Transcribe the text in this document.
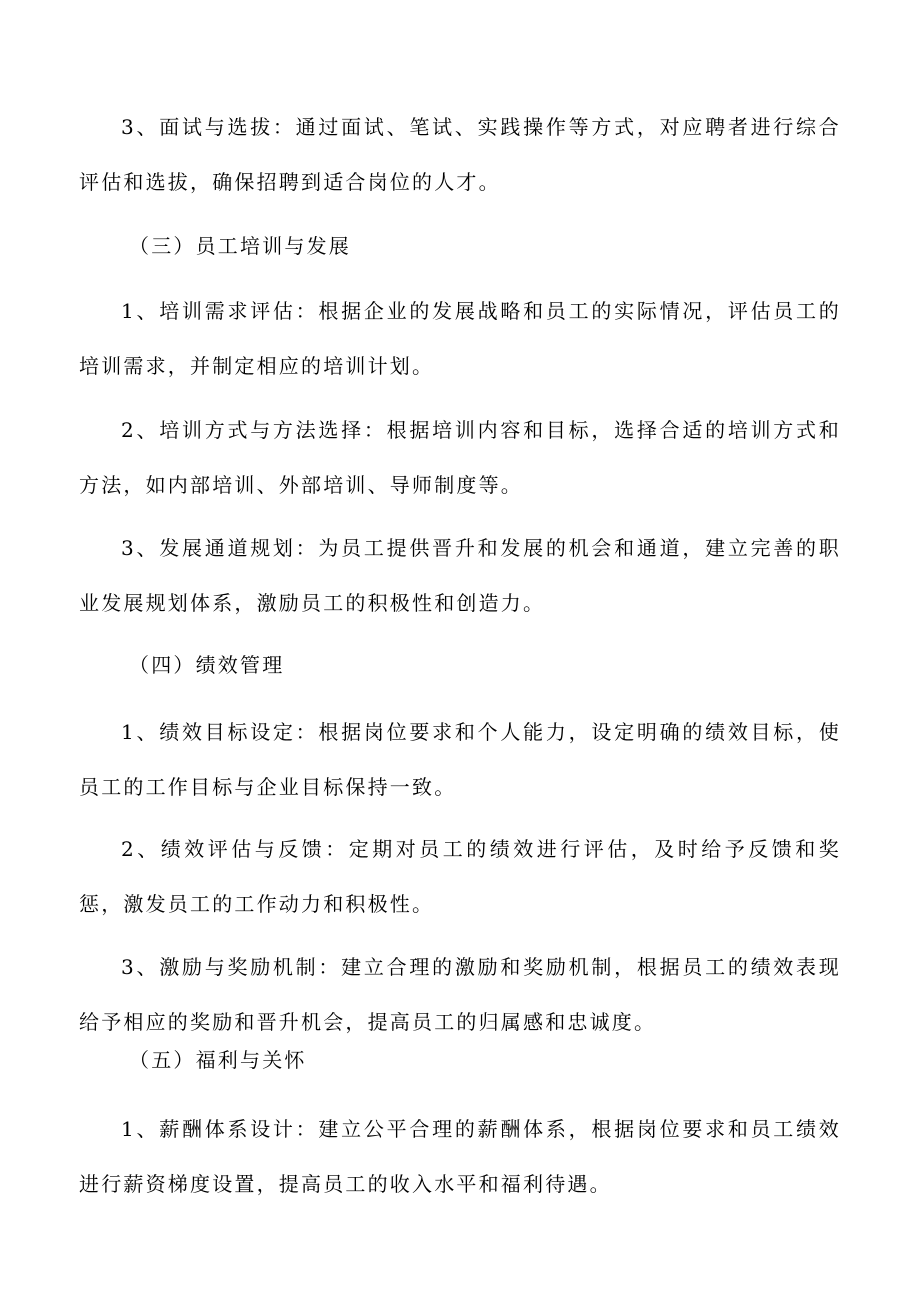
3、面试与选拔：通过面试、笔试、实践操作等方式，对应聘者进行综合评估和选拔，确保招聘到适合岗位的人才。

（三）员工培训与发展

1、培训需求评估：根据企业的发展战略和员工的实际情况，评估员工的培训需求，并制定相应的培训计划。

2、培训方式与方法选择：根据培训内容和目标，选择合适的培训方式和方法，如内部培训、外部培训、导师制度等。

3、发展通道规划：为员工提供晋升和发展的机会和通道，建立完善的职业发展规划体系，激励员工的积极性和创造力。

（四）绩效管理

1、绩效目标设定：根据岗位要求和个人能力，设定明确的绩效目标，使员工的工作目标与企业目标保持一致。

2、绩效评估与反馈：定期对员工的绩效进行评估，及时给予反馈和奖惩，激发员工的工作动力和积极性。

3、激励与奖励机制：建立合理的激励和奖励机制，根据员工的绩效表现给予相应的奖励和晋升机会，提高员工的归属感和忠诚度。

（五）福利与关怀

1、薪酬体系设计：建立公平合理的薪酬体系，根据岗位要求和员工绩效进行薪资梯度设置，提高员工的收入水平和福利待遇。
